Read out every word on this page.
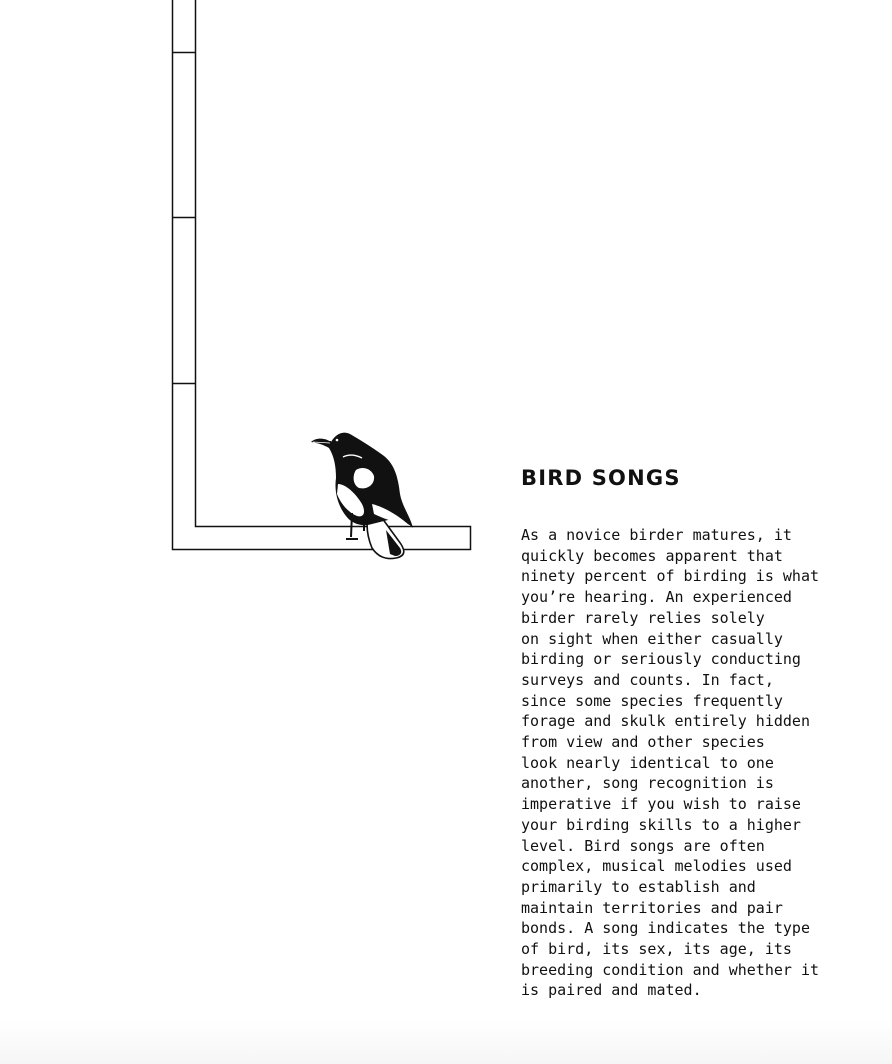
BIRD SONGS

As a novice birder matures, it
quickly becomes apparent that
ninety percent of birding is what
you’re hearing. An experienced
birder rarely relies solely
on sight when either casually
birding or seriously conducting
surveys and counts. In fact,
since some species frequently
forage and skulk entirely hidden
from view and other species
look nearly identical to one
another, song recognition is
imperative if you wish to raise
your birding skills to a higher
level. Bird songs are often
complex, musical melodies used
primarily to establish and
maintain territories and pair
bonds. A song indicates the type
of bird, its sex, its age, its
breeding condition and whether it
is paired and mated.
